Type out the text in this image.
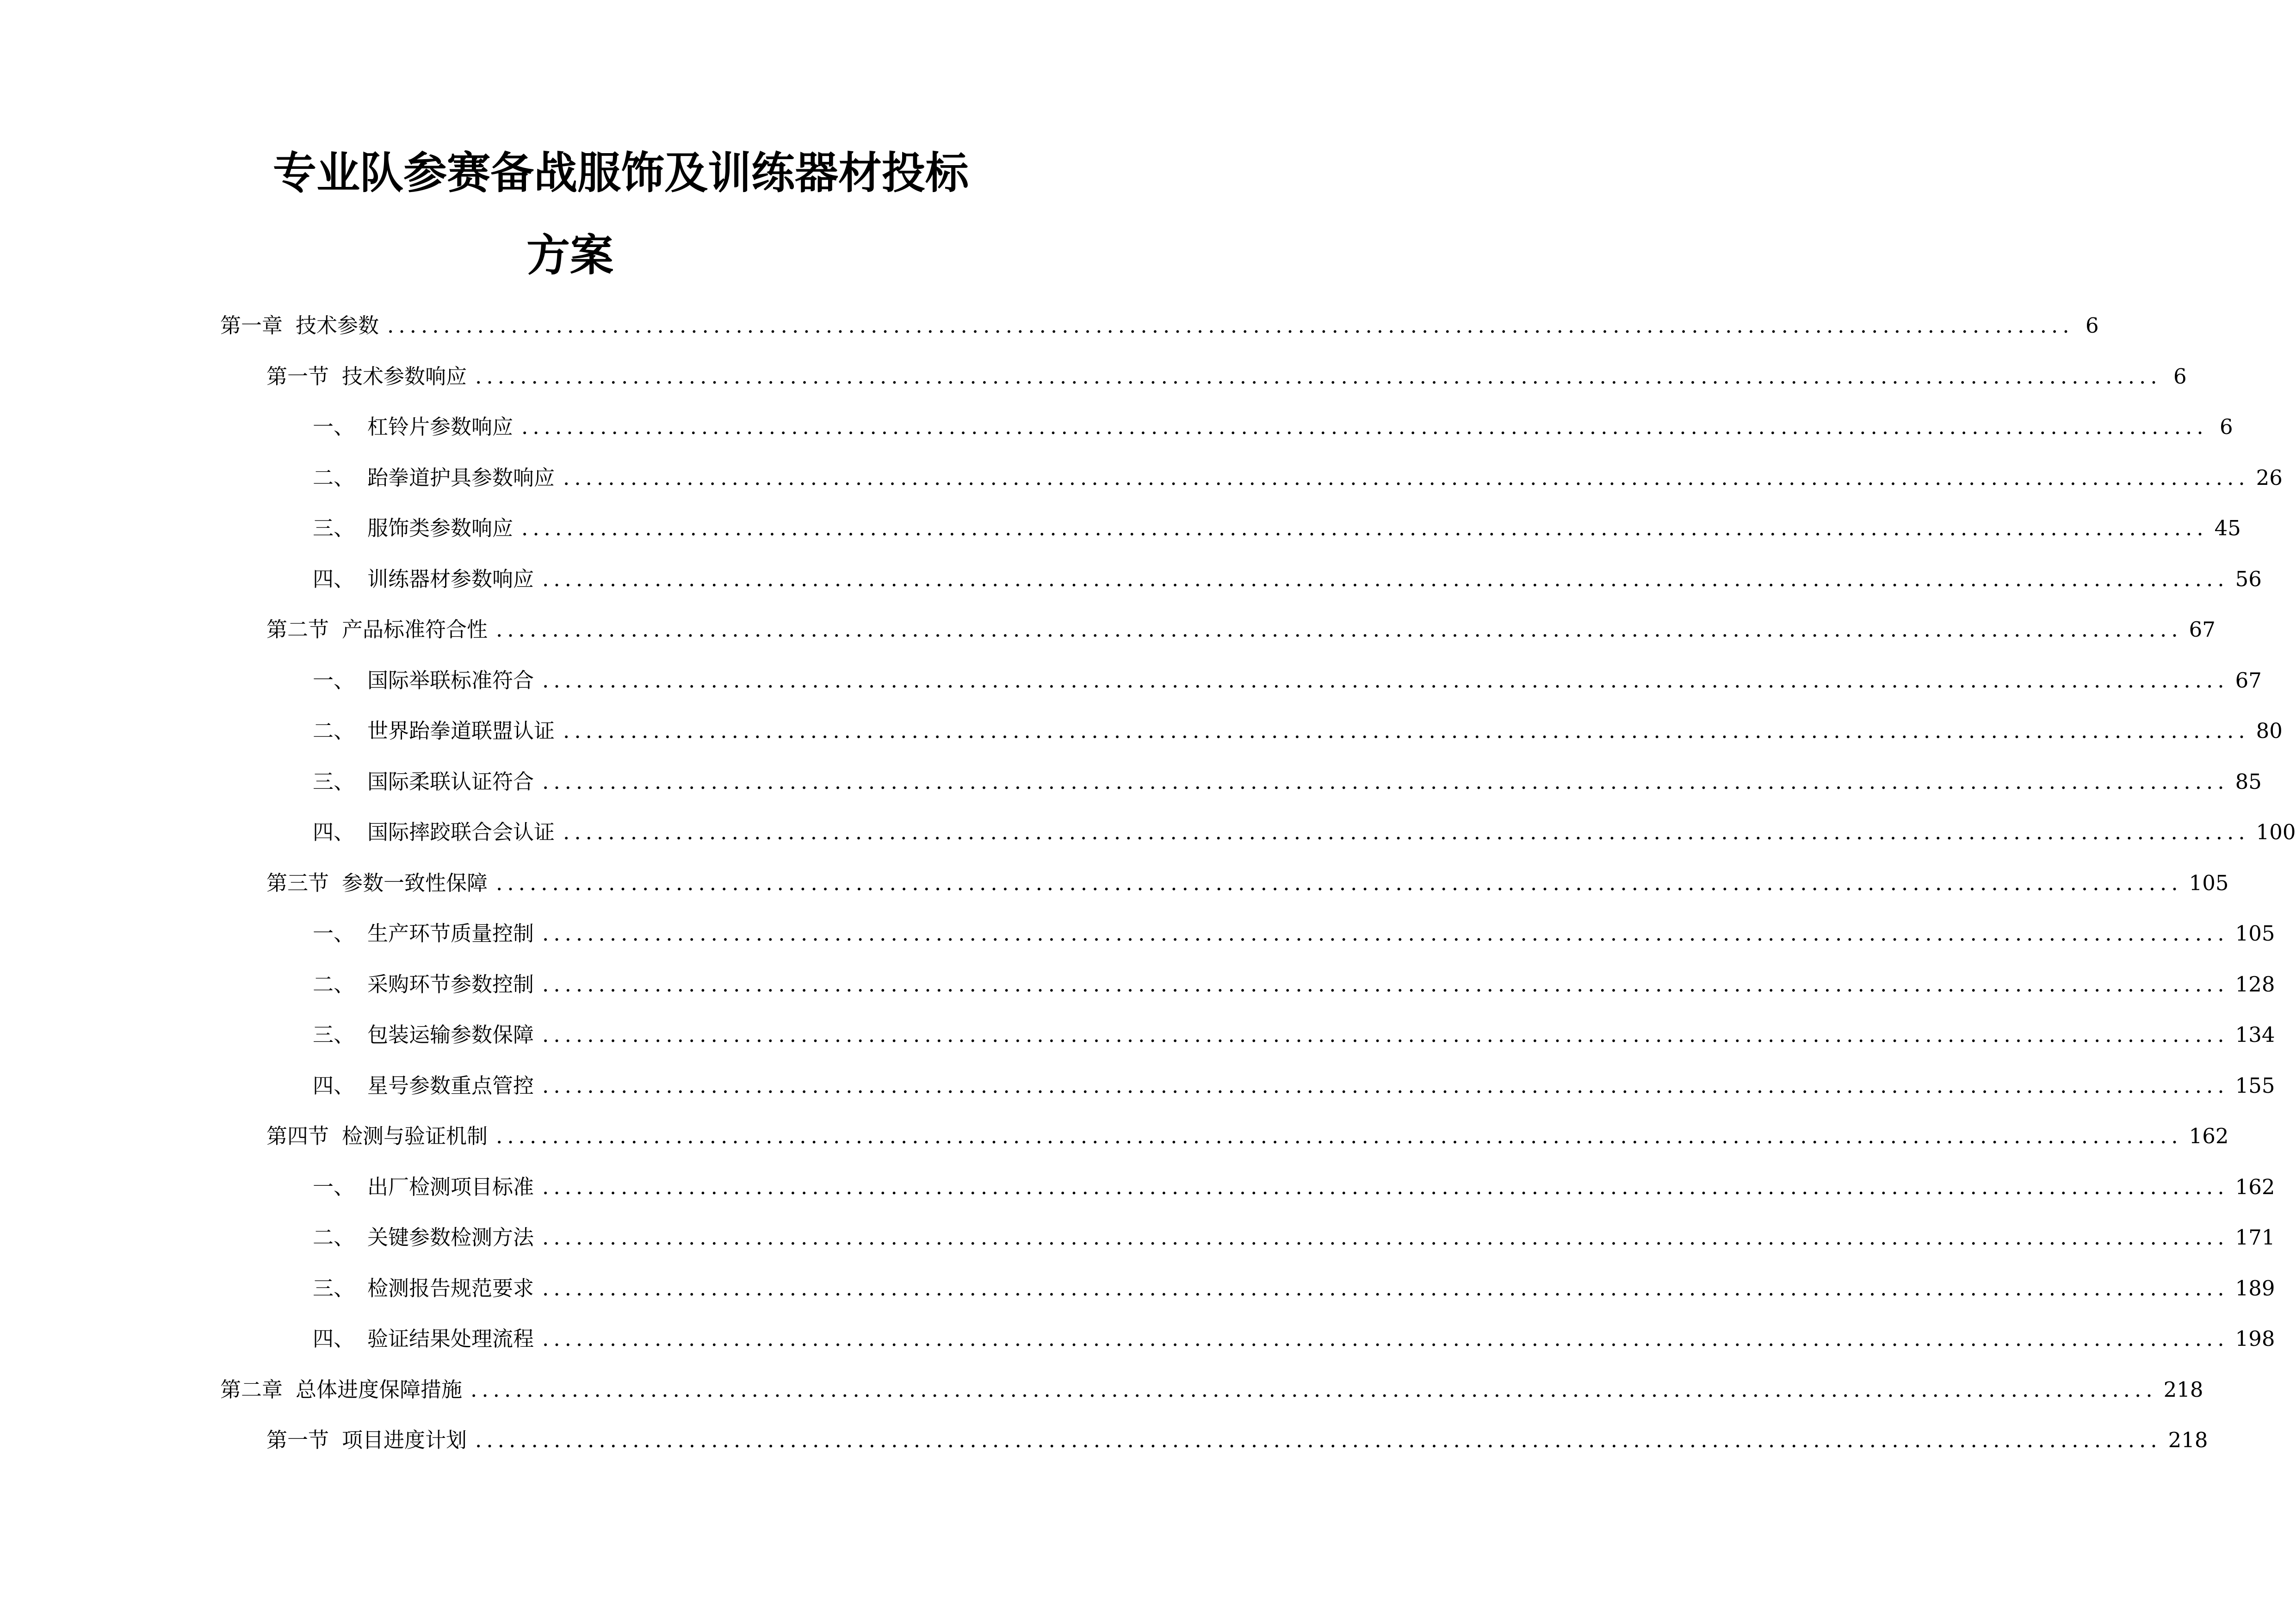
专业队参赛备战服饰及训练器材投标
方案
第一章 技术参数 ...................................................................................................................................................... 6
第一节 技术参数响应 ...................................................................................................................................................... 6
一、 杠铃片参数响应 ...................................................................................................................................................... 6
二、 跆拳道护具参数响应 ...................................................................................................................................................... 26
三、 服饰类参数响应 ...................................................................................................................................................... 45
四、 训练器材参数响应 ...................................................................................................................................................... 56
第二节 产品标准符合性 ...................................................................................................................................................... 67
一、 国际举联标准符合 ...................................................................................................................................................... 67
二、 世界跆拳道联盟认证 ...................................................................................................................................................... 80
三、 国际柔联认证符合 ...................................................................................................................................................... 85
四、 国际摔跤联合会认证 ...................................................................................................................................................... 100
第三节 参数一致性保障 ...................................................................................................................................................... 105
一、 生产环节质量控制 ...................................................................................................................................................... 105
二、 采购环节参数控制 ...................................................................................................................................................... 128
三、 包装运输参数保障 ...................................................................................................................................................... 134
四、 星号参数重点管控 ...................................................................................................................................................... 155
第四节 检测与验证机制 ...................................................................................................................................................... 162
一、 出厂检测项目标准 ...................................................................................................................................................... 162
二、 关键参数检测方法 ...................................................................................................................................................... 171
三、 检测报告规范要求 ...................................................................................................................................................... 189
四、 验证结果处理流程 ...................................................................................................................................................... 198
第二章 总体进度保障措施 ...................................................................................................................................................... 218
第一节 项目进度计划 ...................................................................................................................................................... 218
